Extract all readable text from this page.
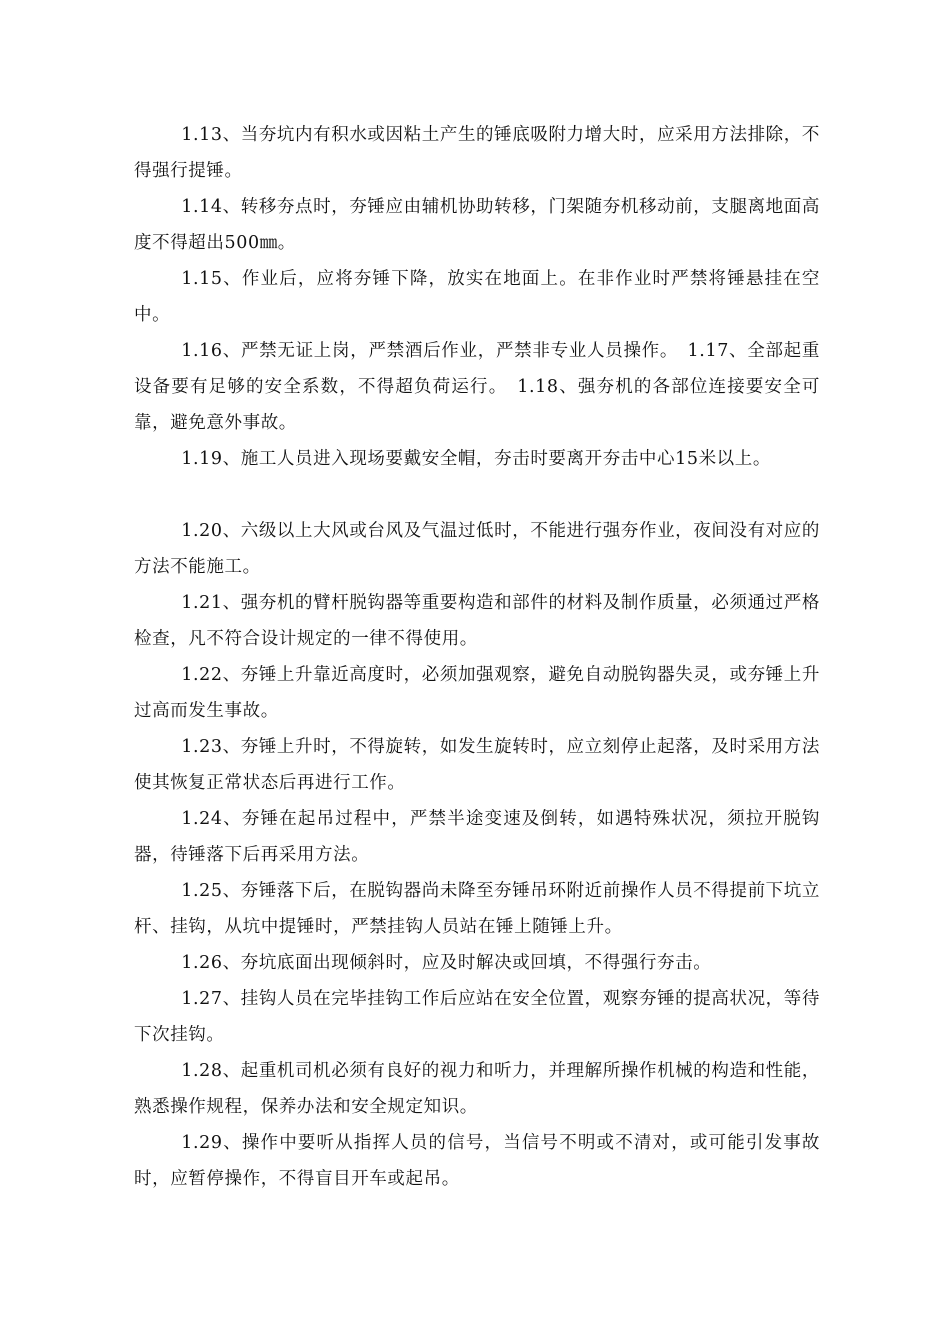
1.13、当夯坑内有积水或因粘土产生的锤底吸附力增大时，应采用方法排除，不得强行提锤。

1.14、转移夯点时，夯锤应由辅机协助转移，门架随夯机移动前，支腿离地面高度不得超出500㎜。

1.15、作业后，应将夯锤下降，放实在地面上。在非作业时严禁将锤悬挂在空中。

1.16、严禁无证上岗，严禁酒后作业，严禁非专业人员操作。　1.17、全部起重设备要有足够的安全系数，不得超负荷运行。　1.18、强夯机的各部位连接要安全可靠，避免意外事故。

1.19、施工人员进入现场要戴安全帽，夯击时要离开夯击中心15米以上。

1.20、六级以上大风或台风及气温过低时，不能进行强夯作业，夜间没有对应的方法不能施工。

1.21、强夯机的臂杆脱钩器等重要构造和部件的材料及制作质量，必须通过严格检查，凡不符合设计规定的一律不得使用。

1.22、夯锤上升靠近高度时，必须加强观察，避免自动脱钩器失灵，或夯锤上升过高而发生事故。

1.23、夯锤上升时，不得旋转，如发生旋转时，应立刻停止起落，及时采用方法使其恢复正常状态后再进行工作。

1.24、夯锤在起吊过程中，严禁半途变速及倒转，如遇特殊状况，须拉开脱钩器，待锤落下后再采用方法。

1.25、夯锤落下后，在脱钩器尚未降至夯锤吊环附近前操作人员不得提前下坑立杆、挂钩，从坑中提锤时，严禁挂钩人员站在锤上随锤上升。

1.26、夯坑底面出现倾斜时，应及时解决或回填，不得强行夯击。

1.27、挂钩人员在完毕挂钩工作后应站在安全位置，观察夯锤的提高状况，等待下次挂钩。

1.28、起重机司机必须有良好的视力和听力，并理解所操作机械的构造和性能，熟悉操作规程，保养办法和安全规定知识。

1.29、操作中要听从指挥人员的信号，当信号不明或不清对，或可能引发事故时，应暂停操作，不得盲目开车或起吊。
